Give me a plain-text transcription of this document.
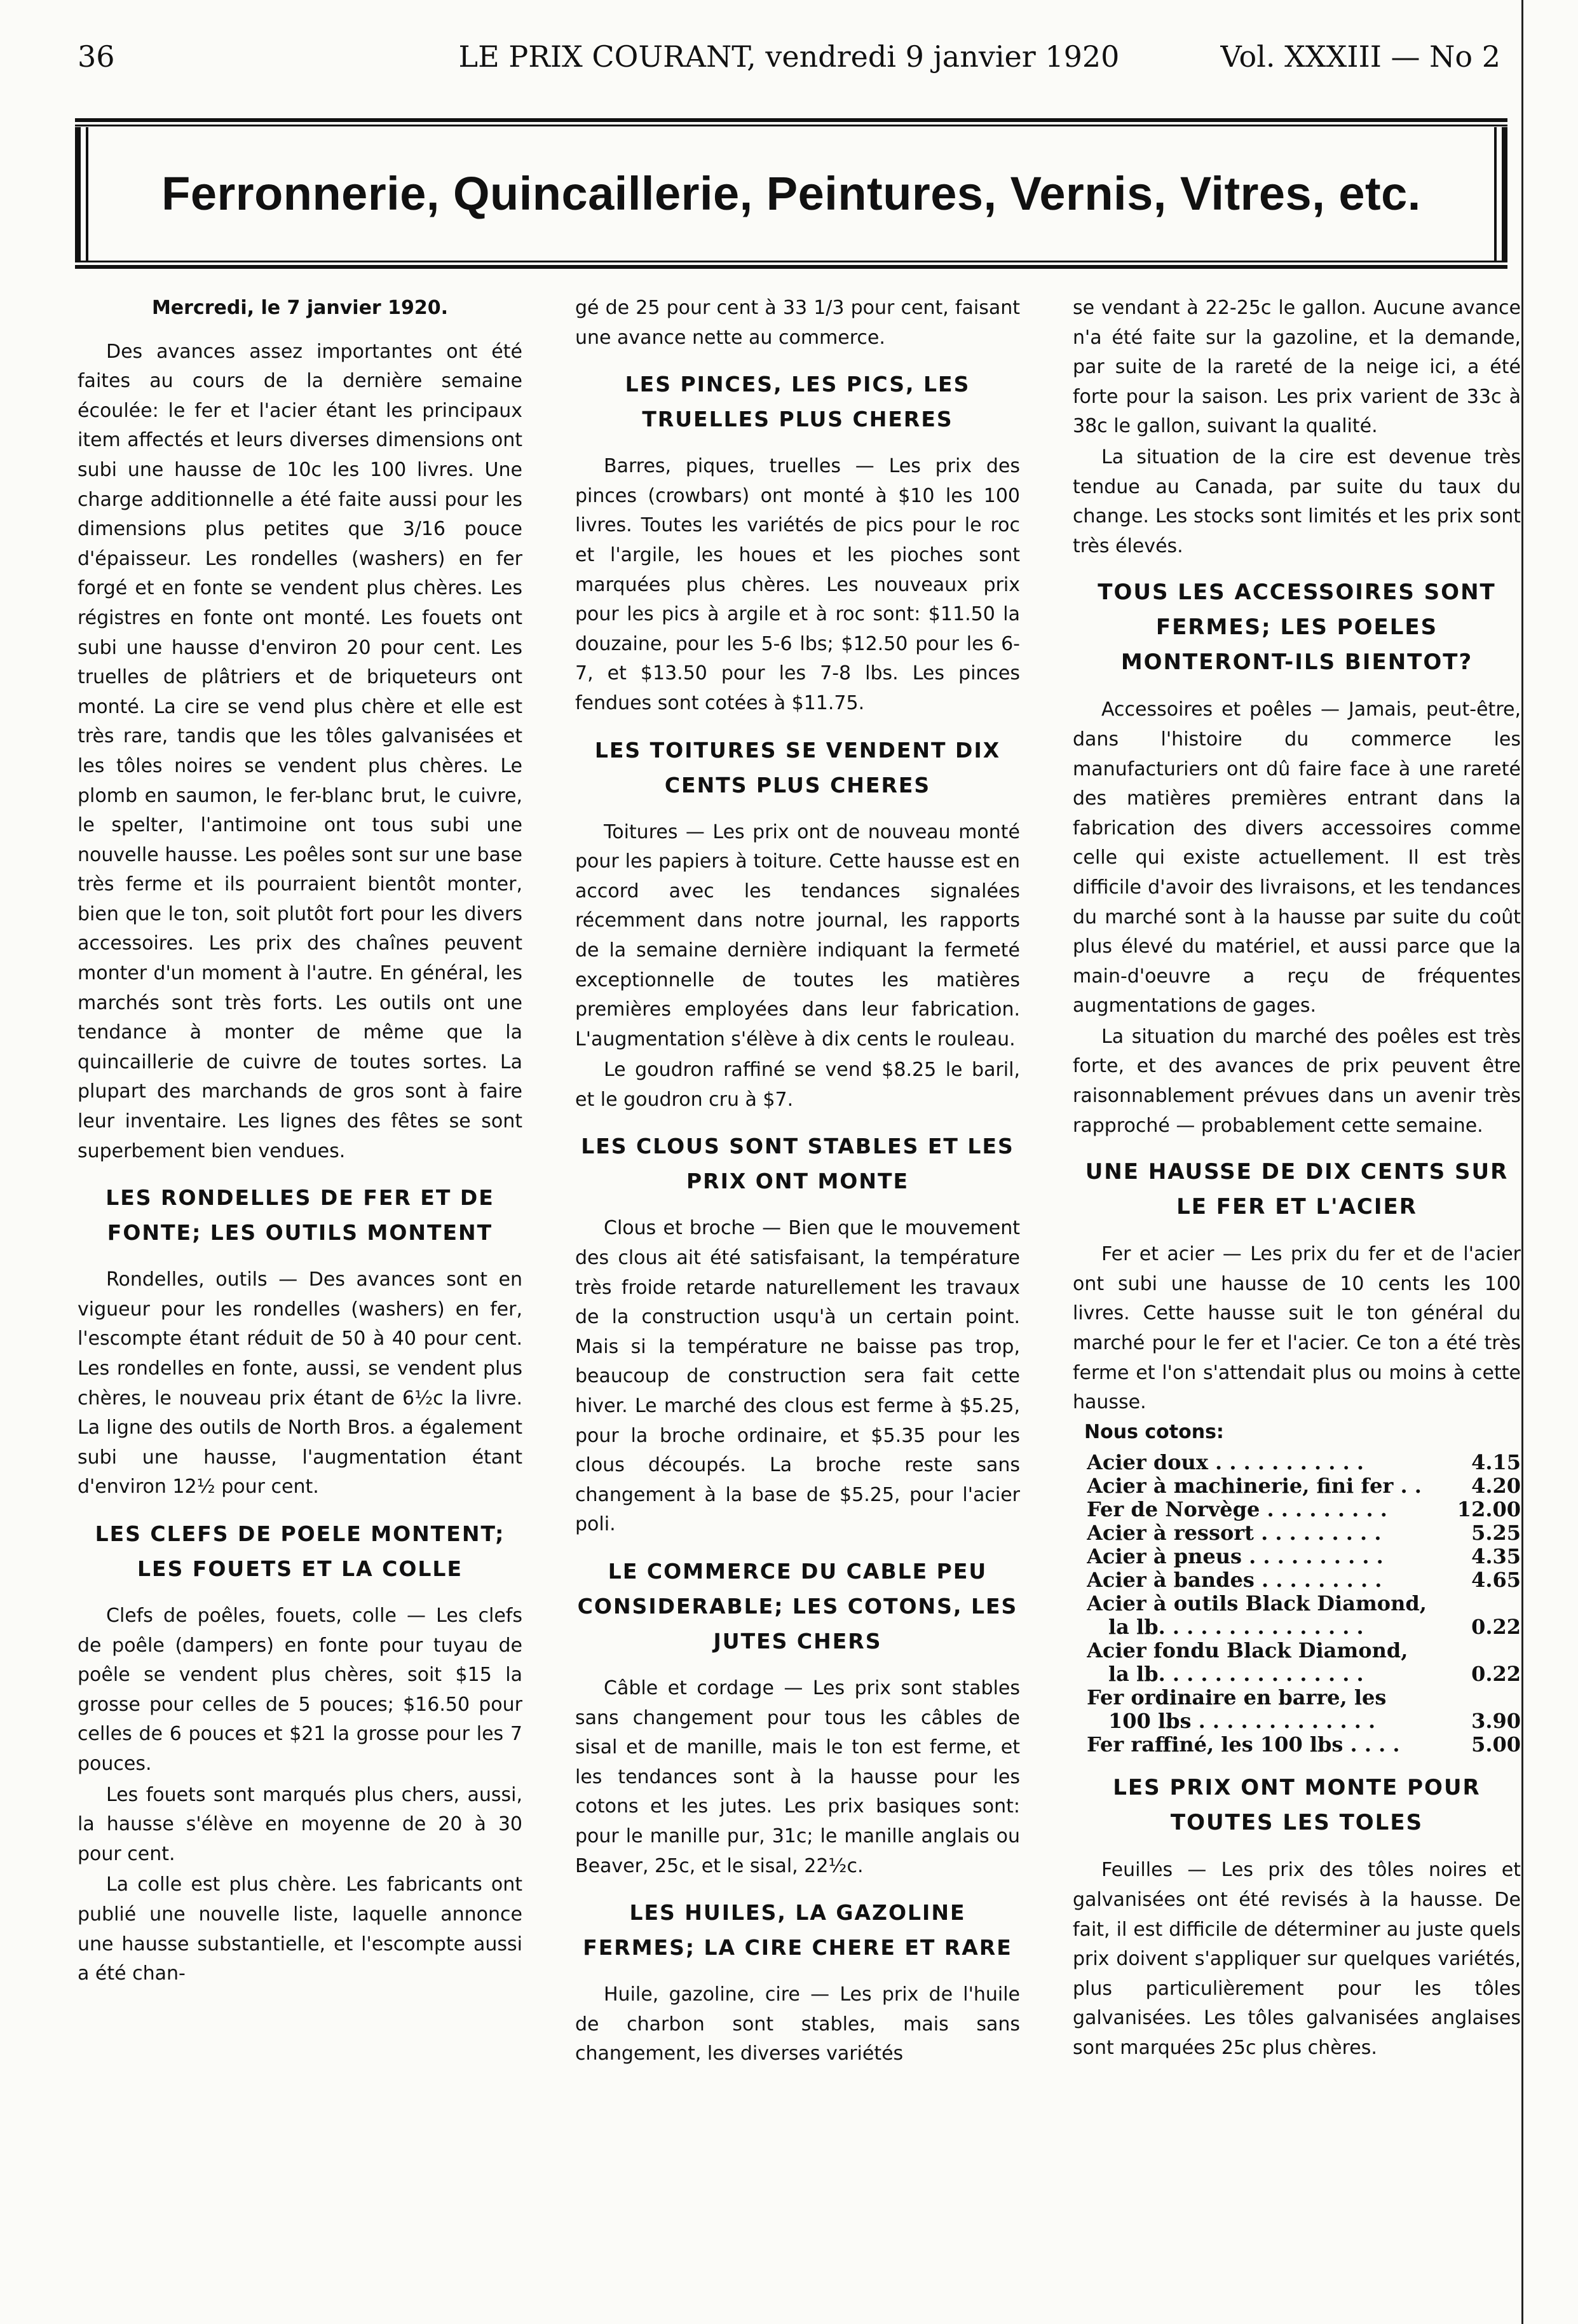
36	LE PRIX COURANT, vendredi 9 janvier 1920	Vol. XXXIII — No 2
Ferronnerie, Quincaillerie, Peintures, Vernis, Vitres, etc.

Mercredi, le 7 janvier 1920.

Des avances assez importantes ont été faites au cours de la dernière semaine écoulée: le fer et l'acier étant les principaux item affectés et leurs diverses dimensions ont subi une hausse de 10c les 100 livres. Une charge additionnelle a été faite aussi pour les dimensions plus petites que 3/16 pouce d'épaisseur. Les rondelles (washers) en fer forgé et en fonte se vendent plus chères. Les régistres en fonte ont monté. Les fouets ont subi une hausse d'environ 20 pour cent. Les truelles de plâtriers et de briqueteurs ont monté. La cire se vend plus chère et elle est très rare, tandis que les tôles galvanisées et les tôles noires se vendent plus chères. Le plomb en saumon, le fer-blanc brut, le cuivre, le spelter, l'antimoine ont tous subi une nouvelle hausse. Les poêles sont sur une base très ferme et ils pourraient bientôt monter, bien que le ton, soit plutôt fort pour les divers accessoires. Les prix des chaînes peuvent monter d'un moment à l'autre. En général, les marchés sont très forts. Les outils ont une tendance à monter de même que la quincaillerie de cuivre de toutes sortes. La plupart des marchands de gros sont à faire leur inventaire. Les lignes des fêtes se sont superbement bien vendues.

LES RONDELLES DE FER ET DE FONTE; LES OUTILS MONTENT

Rondelles, outils — Des avances sont en vigueur pour les rondelles (washers) en fer, l'escompte étant réduit de 50 à 40 pour cent. Les rondelles en fonte, aussi, se vendent plus chères, le nouveau prix étant de 6½c la livre. La ligne des outils de North Bros. a également subi une hausse, l'augmentation étant d'environ 12½ pour cent.

LES CLEFS DE POELE MONTENT; LES FOUETS ET LA COLLE

Clefs de poêles, fouets, colle — Les clefs de poêle (dampers) en fonte pour tuyau de poêle se vendent plus chères, soit $15 la grosse pour celles de 5 pouces; $16.50 pour celles de 6 pouces et $21 la grosse pour les 7 pouces.

Les fouets sont marqués plus chers, aussi, la hausse s'élève en moyenne de 20 à 30 pour cent.

La colle est plus chère. Les fabricants ont publié une nouvelle liste, laquelle annonce une hausse substantielle, et l'escompte aussi a été chan-

gé de 25 pour cent à 33 1/3 pour cent, faisant une avance nette au commerce.

LES PINCES, LES PICS, LES TRUELLES PLUS CHERES

Barres, piques, truelles — Les prix des pinces (crowbars) ont monté à $10 les 100 livres. Toutes les variétés de pics pour le roc et l'argile, les houes et les pioches sont marquées plus chères. Les nouveaux prix pour les pics à argile et à roc sont: $11.50 la douzaine, pour les 5-6 lbs; $12.50 pour les 6-7, et $13.50 pour les 7-8 lbs. Les pinces fendues sont cotées à $11.75.

LES TOITURES SE VENDENT DIX CENTS PLUS CHERES

Toitures — Les prix ont de nouveau monté pour les papiers à toiture. Cette hausse est en accord avec les tendances signalées récemment dans notre journal, les rapports de la semaine dernière indiquant la fermeté exceptionnelle de toutes les matières premières employées dans leur fabrication. L'augmentation s'élève à dix cents le rouleau.

Le goudron raffiné se vend $8.25 le baril, et le goudron cru à $7.

LES CLOUS SONT STABLES ET LES PRIX ONT MONTE

Clous et broche — Bien que le mouvement des clous ait été satisfaisant, la température très froide retarde naturellement les travaux de la construction usqu'à un certain point. Mais si la température ne baisse pas trop, beaucoup de construction sera fait cette hiver. Le marché des clous est ferme à $5.25, pour la broche ordinaire, et $5.35 pour les clous découpés. La broche reste sans changement à la base de $5.25, pour l'acier poli.

LE COMMERCE DU CABLE PEU CONSIDERABLE; LES COTONS, LES JUTES CHERS

Câble et cordage — Les prix sont stables sans changement pour tous les câbles de sisal et de manille, mais le ton est ferme, et les tendances sont à la hausse pour les cotons et les jutes. Les prix basiques sont: pour le manille pur, 31c; le manille anglais ou Beaver, 25c, et le sisal, 22½c.

LES HUILES, LA GAZOLINE FERMES; LA CIRE CHERE ET RARE

Huile, gazoline, cire — Les prix de l'huile de charbon sont stables, mais sans changement, les diverses variétés

se vendant à 22-25c le gallon. Aucune avance n'a été faite sur la gazoline, et la demande, par suite de la rareté de la neige ici, a été forte pour la saison. Les prix varient de 33c à 38c le gallon, suivant la qualité.

La situation de la cire est devenue très tendue au Canada, par suite du taux du change. Les stocks sont limités et les prix sont très élevés.

TOUS LES ACCESSOIRES SONT FERMES; LES POELES MONTERONT-ILS BIENTOT?

Accessoires et poêles — Jamais, peut-être, dans l'histoire du commerce les manufacturiers ont dû faire face à une rareté des matières premières entrant dans la fabrication des divers accessoires comme celle qui existe actuellement. Il est très difficile d'avoir des livraisons, et les tendances du marché sont à la hausse par suite du coût plus élevé du matériel, et aussi parce que la main-d'oeuvre a reçu de fréquentes augmentations de gages.

La situation du marché des poêles est très forte, et des avances de prix peuvent être raisonnablement prévues dans un avenir très rapproché — probablement cette semaine.

UNE HAUSSE DE DIX CENTS SUR LE FER ET L'ACIER

Fer et acier — Les prix du fer et de l'acier ont subi une hausse de 10 cents les 100 livres. Cette hausse suit le ton général du marché pour le fer et l'acier. Ce ton a été très ferme et l'on s'attendait plus ou moins à cette hausse.

Nous cotons:
Acier doux . . . . . . . . . . .	4.15
Acier à machinerie, fini fer . .	4.20
Fer de Norvège . . . . . . . . .	12.00
Acier à ressort . . . . . . . . .	5.25
Acier à pneus . . . . . . . . . .	4.35
Acier à bandes . . . . . . . . .	4.65
Acier à outils Black Diamond,
la lb. . . . . . . . . . . . . . .	0.22
Acier fondu Black Diamond,
la lb. . . . . . . . . . . . . . .	0.22
Fer ordinaire en barre, les
100 lbs . . . . . . . . . . . . .	3.90
Fer raffiné, les 100 lbs . . . .	5.00
LES PRIX ONT MONTE POUR TOUTES LES TOLES

Feuilles — Les prix des tôles noires et galvanisées ont été revisés à la hausse. De fait, il est difficile de déterminer au juste quels prix doivent s'appliquer sur quelques variétés, plus particulièrement pour les tôles galvanisées. Les tôles galvanisées anglaises sont marquées 25c plus chères.
